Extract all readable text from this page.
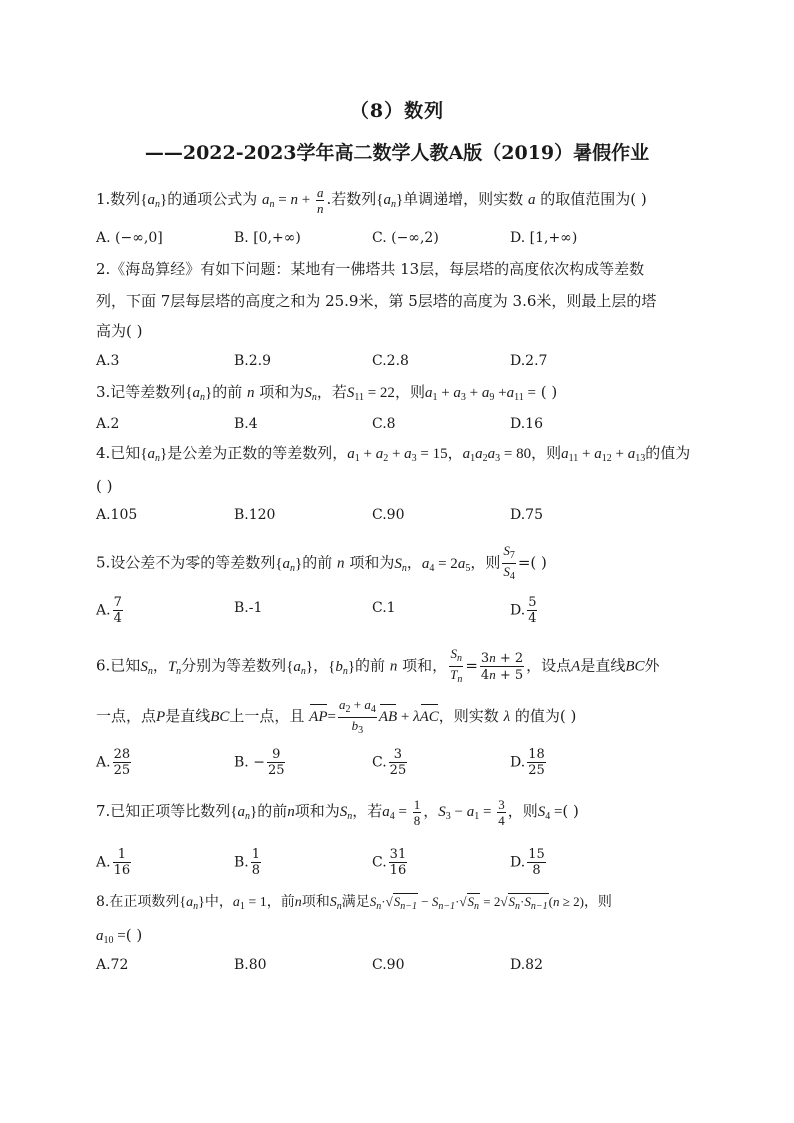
（8）数列
——2022-2023学年高二数学人教A版（2019）暑假作业
1.数列$\{a_n\}$的通项公式为 $a_n = n + \frac{a}{n}$ .若数列$\{a_n\}$单调递增，则实数 a 的取值范围为( )
A. (−∞,0]	B. [0,+∞)	C. (−∞,2)	D. [1,+∞)
2.《海岛算经》有如下问题：某地有一佛塔共 13层，每层塔的高度依次构成等差数
列，下面 7层每层塔的高度之和为 25.9米，第 5层塔的高度为 3.6米，则最上层的塔
高为( )
A.3	B.2.9	C.2.8	D.2.7
3.记等差数列$\{a_n\}$的前 n 项和为$S_n$，若$S_{11} = 22$，则$a_1 + a_3 + a_9 +a_{11}$ = ( )
A.2	B.4	C.8	D.16
4.已知$\{a_n\}$是公差为正数的等差数列，$a_1 + a_2 + a_3 = 15$，$a_1a_2a_3 = 80$，则$a_{11} + a_{12} + a_{13}$的值为
( )
A.105	B.120	C.90	D.75
5.设公差不为零的等差数列$\{a_n\}$的前 n 项和为$S_n$，$a_4 = 2a_5$，则 $\frac{S_7}{S_4}$ =( )
A. $\frac{7}{4}$	B.-1	C.1	D. $\frac{5}{4}$
6.已知$S_n$，$T_n$分别为等差数列$\{a_n\}$，$\{b_n\}$的前 n 项和， $\frac{S_n}{T_n} = \frac{3n + 2}{4n + 5}$ ，设点A是直线BC外
一点，点P是直线BC上一点，且 $AP= \frac{a_2 + a_4}{b_3}$ AB + λAC，则实数 λ 的值为( )
A. $\frac{28}{25}$	B. − $\frac{9}{25}$	C. $\frac{3}{25}$	D. $\frac{18}{25}$
7.已知正项等比数列$\{a_n\}$的前n项和为$S_n$，若$a_4 = \frac{1}{8}$ ，$S_3 - a_1 = \frac{3}{4}$ ，则$S_4$ =( )
A. $\frac{1}{16}$	B. $\frac{1}{8}$	C. $\frac{31}{16}$	D. $\frac{15}{8}$
8.在正项数列$\{a_n\}$中，$a_1 = 1$，前n项和$S_n$满足$S_n\cdot√S_{n-1} - S_{n-1}\cdot√S_n = 2√S_n\cdot S_{n-1}(n \ge 2)$，则
$a_{10}$ =( )
A.72	B.80	C.90	D.82
